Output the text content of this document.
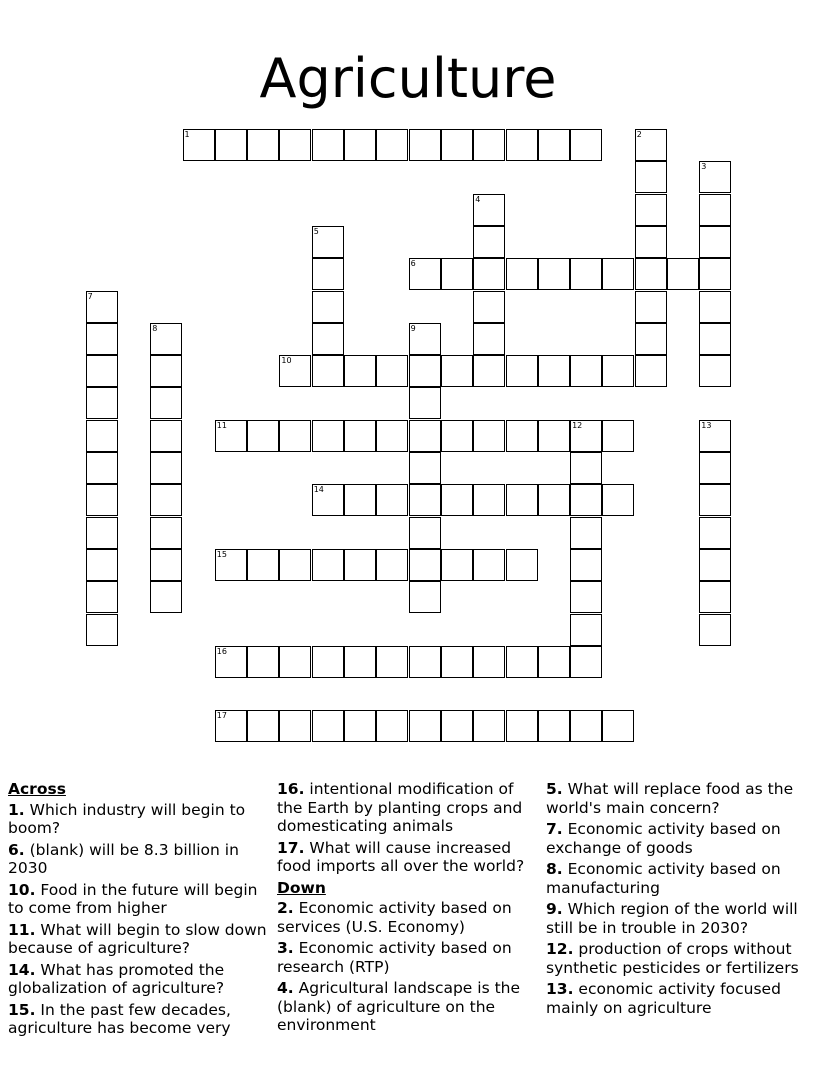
Agriculture
1	2
3
4
5
6
7
8	9
10
11	12	13
14
15
16
17
Across
1. Which industry will begin to boom?
6. (blank) will be 8.3 billion in 2030
10. Food in the future will begin to come from higher
11. What will begin to slow down because of agriculture?
14. What has promoted the globalization of agriculture?
15. In the past few decades, agriculture has become very
16. intentional modification of the Earth by planting crops and domesticating animals
17. What will cause increased food imports all over the world?
Down
2. Economic activity based on services (U.S. Economy)
3. Economic activity based on research (RTP)
4. Agricultural landscape is the (blank) of agriculture on the environment
5. What will replace food as the world's main concern?
7. Economic activity based on exchange of goods
8. Economic activity based on manufacturing
9. Which region of the world will still be in trouble in 2030?
12. production of crops without synthetic pesticides or fertilizers
13. economic activity focused mainly on agriculture
